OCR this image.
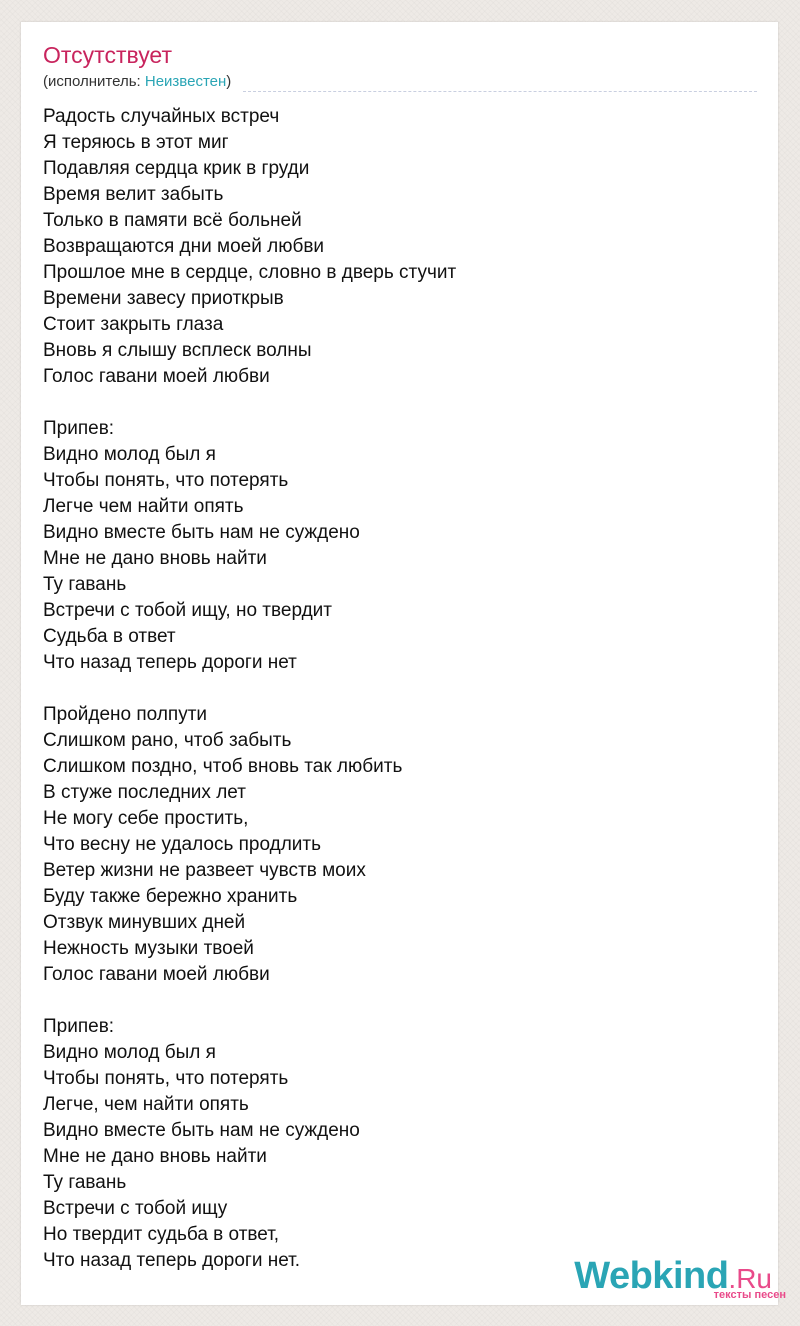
Отсутствует
(исполнитель: Неизвестен)
Радость случайных встреч
Я теряюсь в этот миг
Подавляя сердца крик в груди
Время велит забыть
Только в памяти всё больней
Возвращаются дни моей любви
Прошлое мне в сердце, словно в дверь стучит
Времени завесу приоткрыв
Стоит закрыть глаза
Вновь я слышу всплеск волны
Голос гавани моей любви
Припев:
Видно молод был я
Чтобы понять, что потерять
Легче чем найти опять
Видно вместе быть нам не суждено
Мне не дано вновь найти
Ту гавань
Встречи с тобой ищу, но твердит
Судьба в ответ
Что назад теперь дороги нет
Пройдено полпути
Слишком рано, чтоб забыть
Слишком поздно, чтоб вновь так любить
В стуже последних лет
Не могу себе простить,
Что весну не удалось продлить
Ветер жизни не развеет чувств моих
Буду также бережно хранить
Отзвук минувших дней
Нежность музыки твоей
Голос гавани моей любви
Припев:
Видно молод был я
Чтобы понять, что потерять
Легче, чем найти опять
Видно вместе быть нам не суждено
Мне не дано вновь найти
Ту гавань
Встречи с тобой ищу
Но твердит судьба в ответ,
Что назад теперь дороги нет.	Webkind.Ru
тексты песен
